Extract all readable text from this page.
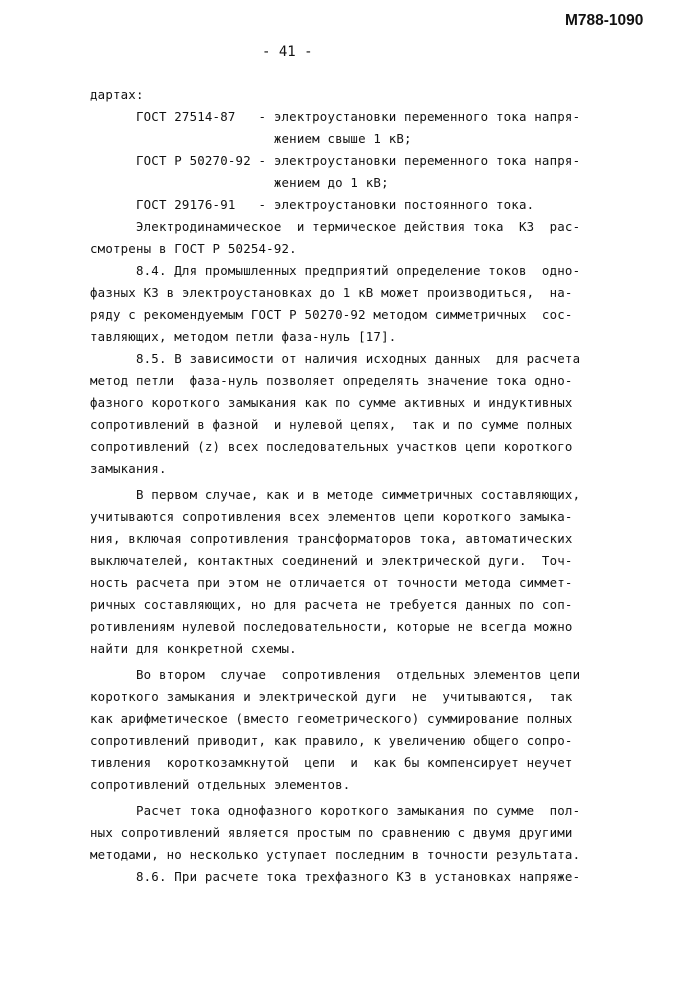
М788-1090
- 41 -
дартах:
ГОСТ 27514-87   - электроустановки переменного тока напря-
жением свыше 1 кВ;
ГОСТ Р 50270-92 - электроустановки переменного тока напря-
жением до 1 кВ;
ГОСТ 29176-91   - электроустановки постоянного тока.
Электродинамическое  и термическое действия тока  КЗ  рас-
смотрены в ГОСТ Р 50254-92.
8.4. Для промышленных предприятий определение токов  одно-
фазных КЗ в электроустановках до 1 кВ может производиться,  на-
ряду с рекомендуемым ГОСТ Р 50270-92 методом симметричных  сос-
тавляющих, методом петли фаза-нуль [17].
8.5. В зависимости от наличия исходных данных  для расчета
метод петли  фаза-нуль позволяет определять значение тока одно-
фазного короткого замыкания как по сумме активных и индуктивных
сопротивлений в фазной  и нулевой цепях,  так и по сумме полных
сопротивлений (z) всех последовательных участков цепи короткого
замыкания.
В первом случае, как и в методе симметричных составляющих,
учитываются сопротивления всех элементов цепи короткого замыка-
ния, включая сопротивления трансформаторов тока, автоматических
выключателей, контактных соединений и электрической дуги.  Точ-
ность расчета при этом не отличается от точности метода симмет-
ричных составляющих, но для расчета не требуется данных по соп-
ротивлениям нулевой последовательности, которые не всегда можно
найти для конкретной схемы.
Во втором  случае  сопротивления  отдельных элементов цепи
короткого замыкания и электрической дуги  не  учитываются,  так
как арифметическое (вместо геометрического) суммирование полных
сопротивлений приводит, как правило, к увеличению общего сопро-
тивления  короткозамкнутой  цепи  и  как бы компенсирует неучет
сопротивлений отдельных элементов.
Расчет тока однофазного короткого замыкания по сумме  пол-
ных сопротивлений является простым по сравнению с двумя другими
методами, но несколько уступает последним в точности результата.
8.6. При расчете тока трехфазного КЗ в установках напряже-
